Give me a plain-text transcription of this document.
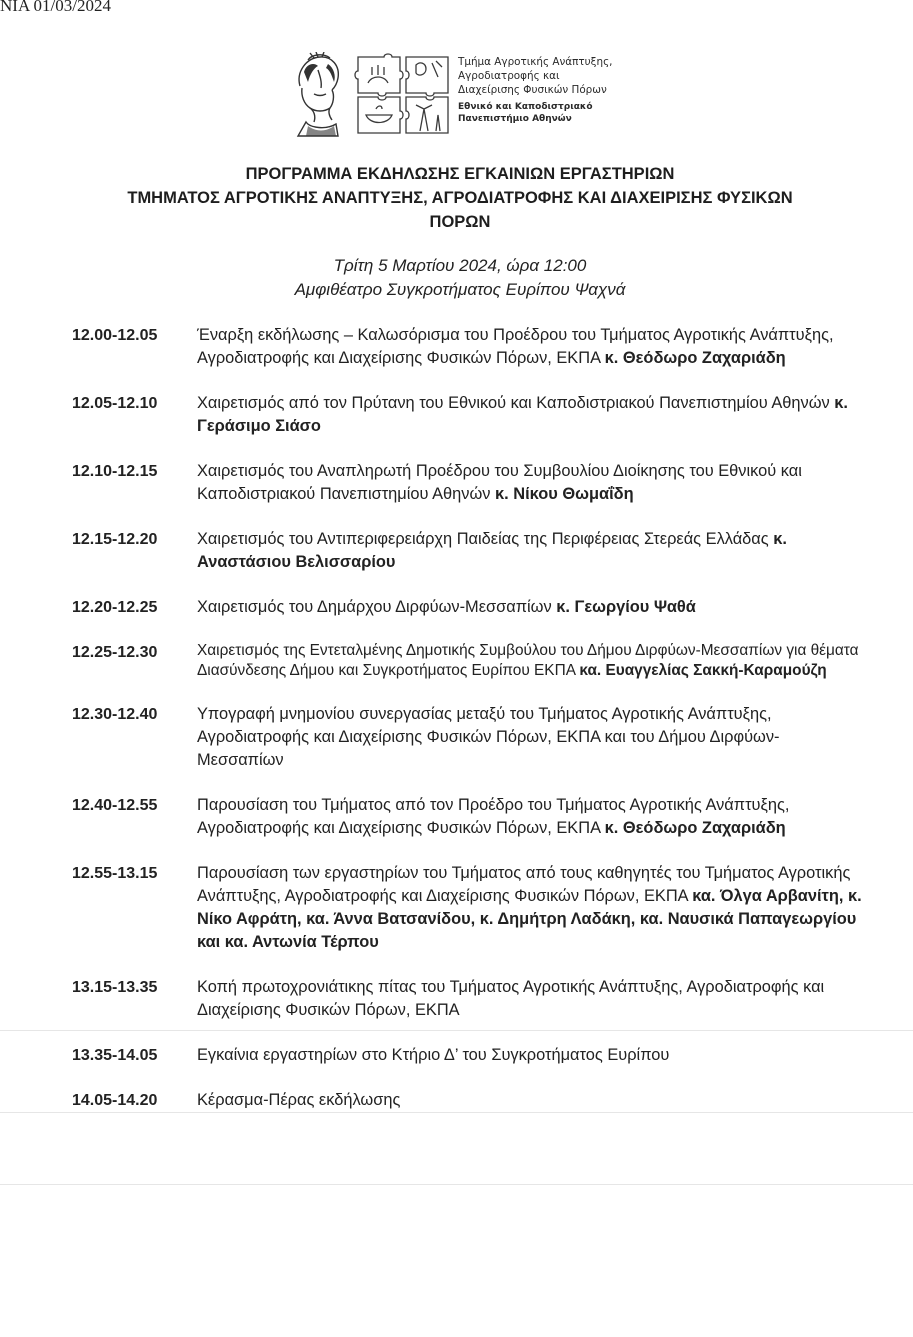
ΝΙΑ 01/03/2024
Τμήμα Αγροτικής Ανάπτυξης,
Αγροδιατροφής και
Διαχείρισης Φυσικών Πόρων
Εθνικό και Καποδιστριακό
Πανεπιστήμιο Αθηνών
ΠΡΟΓΡΑΜΜΑ ΕΚΔΗΛΩΣΗΣ ΕΓΚΑΙΝΙΩΝ ΕΡΓΑΣΤΗΡΙΩΝ
ΤΜΗΜΑΤΟΣ ΑΓΡΟΤΙΚΗΣ ΑΝΑΠΤΥΞΗΣ, ΑΓΡΟΔΙΑΤΡΟΦΗΣ ΚΑΙ ΔΙΑΧΕΙΡΙΣΗΣ ΦΥΣΙΚΩΝ
ΠΟΡΩΝ
Τρίτη 5 Μαρτίου 2024, ώρα 12:00
Αμφιθέατρο Συγκροτήματος Ευρίπου Ψαχνά
12.00-12.05	Έναρξη εκδήλωσης – Καλωσόρισμα του Προέδρου του Τμήματος Αγροτικής Ανάπτυξης, Αγροδιατροφής και Διαχείρισης Φυσικών Πόρων, ΕΚΠΑ κ. Θεόδωρο Ζαχαριάδη
12.05-12.10	Χαιρετισμός από τον Πρύτανη του Εθνικού και Καποδιστριακού Πανεπιστημίου Αθηνών κ. Γεράσιμο Σιάσο
12.10-12.15	Χαιρετισμός του Αναπληρωτή Προέδρου του Συμβουλίου Διοίκησης του Εθνικού και Καποδιστριακού Πανεπιστημίου Αθηνών κ. Νίκου Θωμαΐδη
12.15-12.20	Χαιρετισμός του Αντιπεριφερειάρχη Παιδείας της Περιφέρειας Στερεάς Ελλάδας κ. Αναστάσιου Βελισσαρίου
12.20-12.25	Χαιρετισμός του Δημάρχου Διρφύων-Μεσσαπίων κ. Γεωργίου Ψαθά
12.25-12.30	Χαιρετισμός της Εντεταλμένης Δημοτικής Συμβούλου του Δήμου Διρφύων-Μεσσαπίων για θέματα Διασύνδεσης Δήμου και Συγκροτήματος Ευρίπου ΕΚΠΑ κα. Ευαγγελίας Σακκή-Καραμούζη
12.30-12.40	Υπογραφή μνημονίου συνεργασίας μεταξύ του Τμήματος Αγροτικής Ανάπτυξης, Αγροδιατροφής και Διαχείρισης Φυσικών Πόρων, ΕΚΠΑ και του Δήμου Διρφύων-Μεσσαπίων
12.40-12.55	Παρουσίαση του Τμήματος από τον Προέδρο του Τμήματος Αγροτικής Ανάπτυξης, Αγροδιατροφής και Διαχείρισης Φυσικών Πόρων, ΕΚΠΑ κ. Θεόδωρο Ζαχαριάδη
12.55-13.15	Παρουσίαση των εργαστηρίων του Τμήματος από τους καθηγητές του Τμήματος Αγροτικής Ανάπτυξης, Αγροδιατροφής και Διαχείρισης Φυσικών Πόρων, ΕΚΠΑ κα. Όλγα Αρβανίτη, κ. Νίκο Αφράτη, κα. Άννα Βατσανίδου, κ. Δημήτρη Λαδάκη, κα. Ναυσικά Παπαγεωργίου και κα. Αντωνία Τέρπου
13.15-13.35	Κοπή πρωτοχρονιάτικης πίτας του Τμήματος Αγροτικής Ανάπτυξης, Αγροδιατροφής και Διαχείρισης Φυσικών Πόρων, ΕΚΠΑ
13.35-14.05	Εγκαίνια εργαστηρίων στο Κτήριο Δ’ του Συγκροτήματος Ευρίπου
14.05-14.20	Κέρασμα-Πέρας εκδήλωσης
